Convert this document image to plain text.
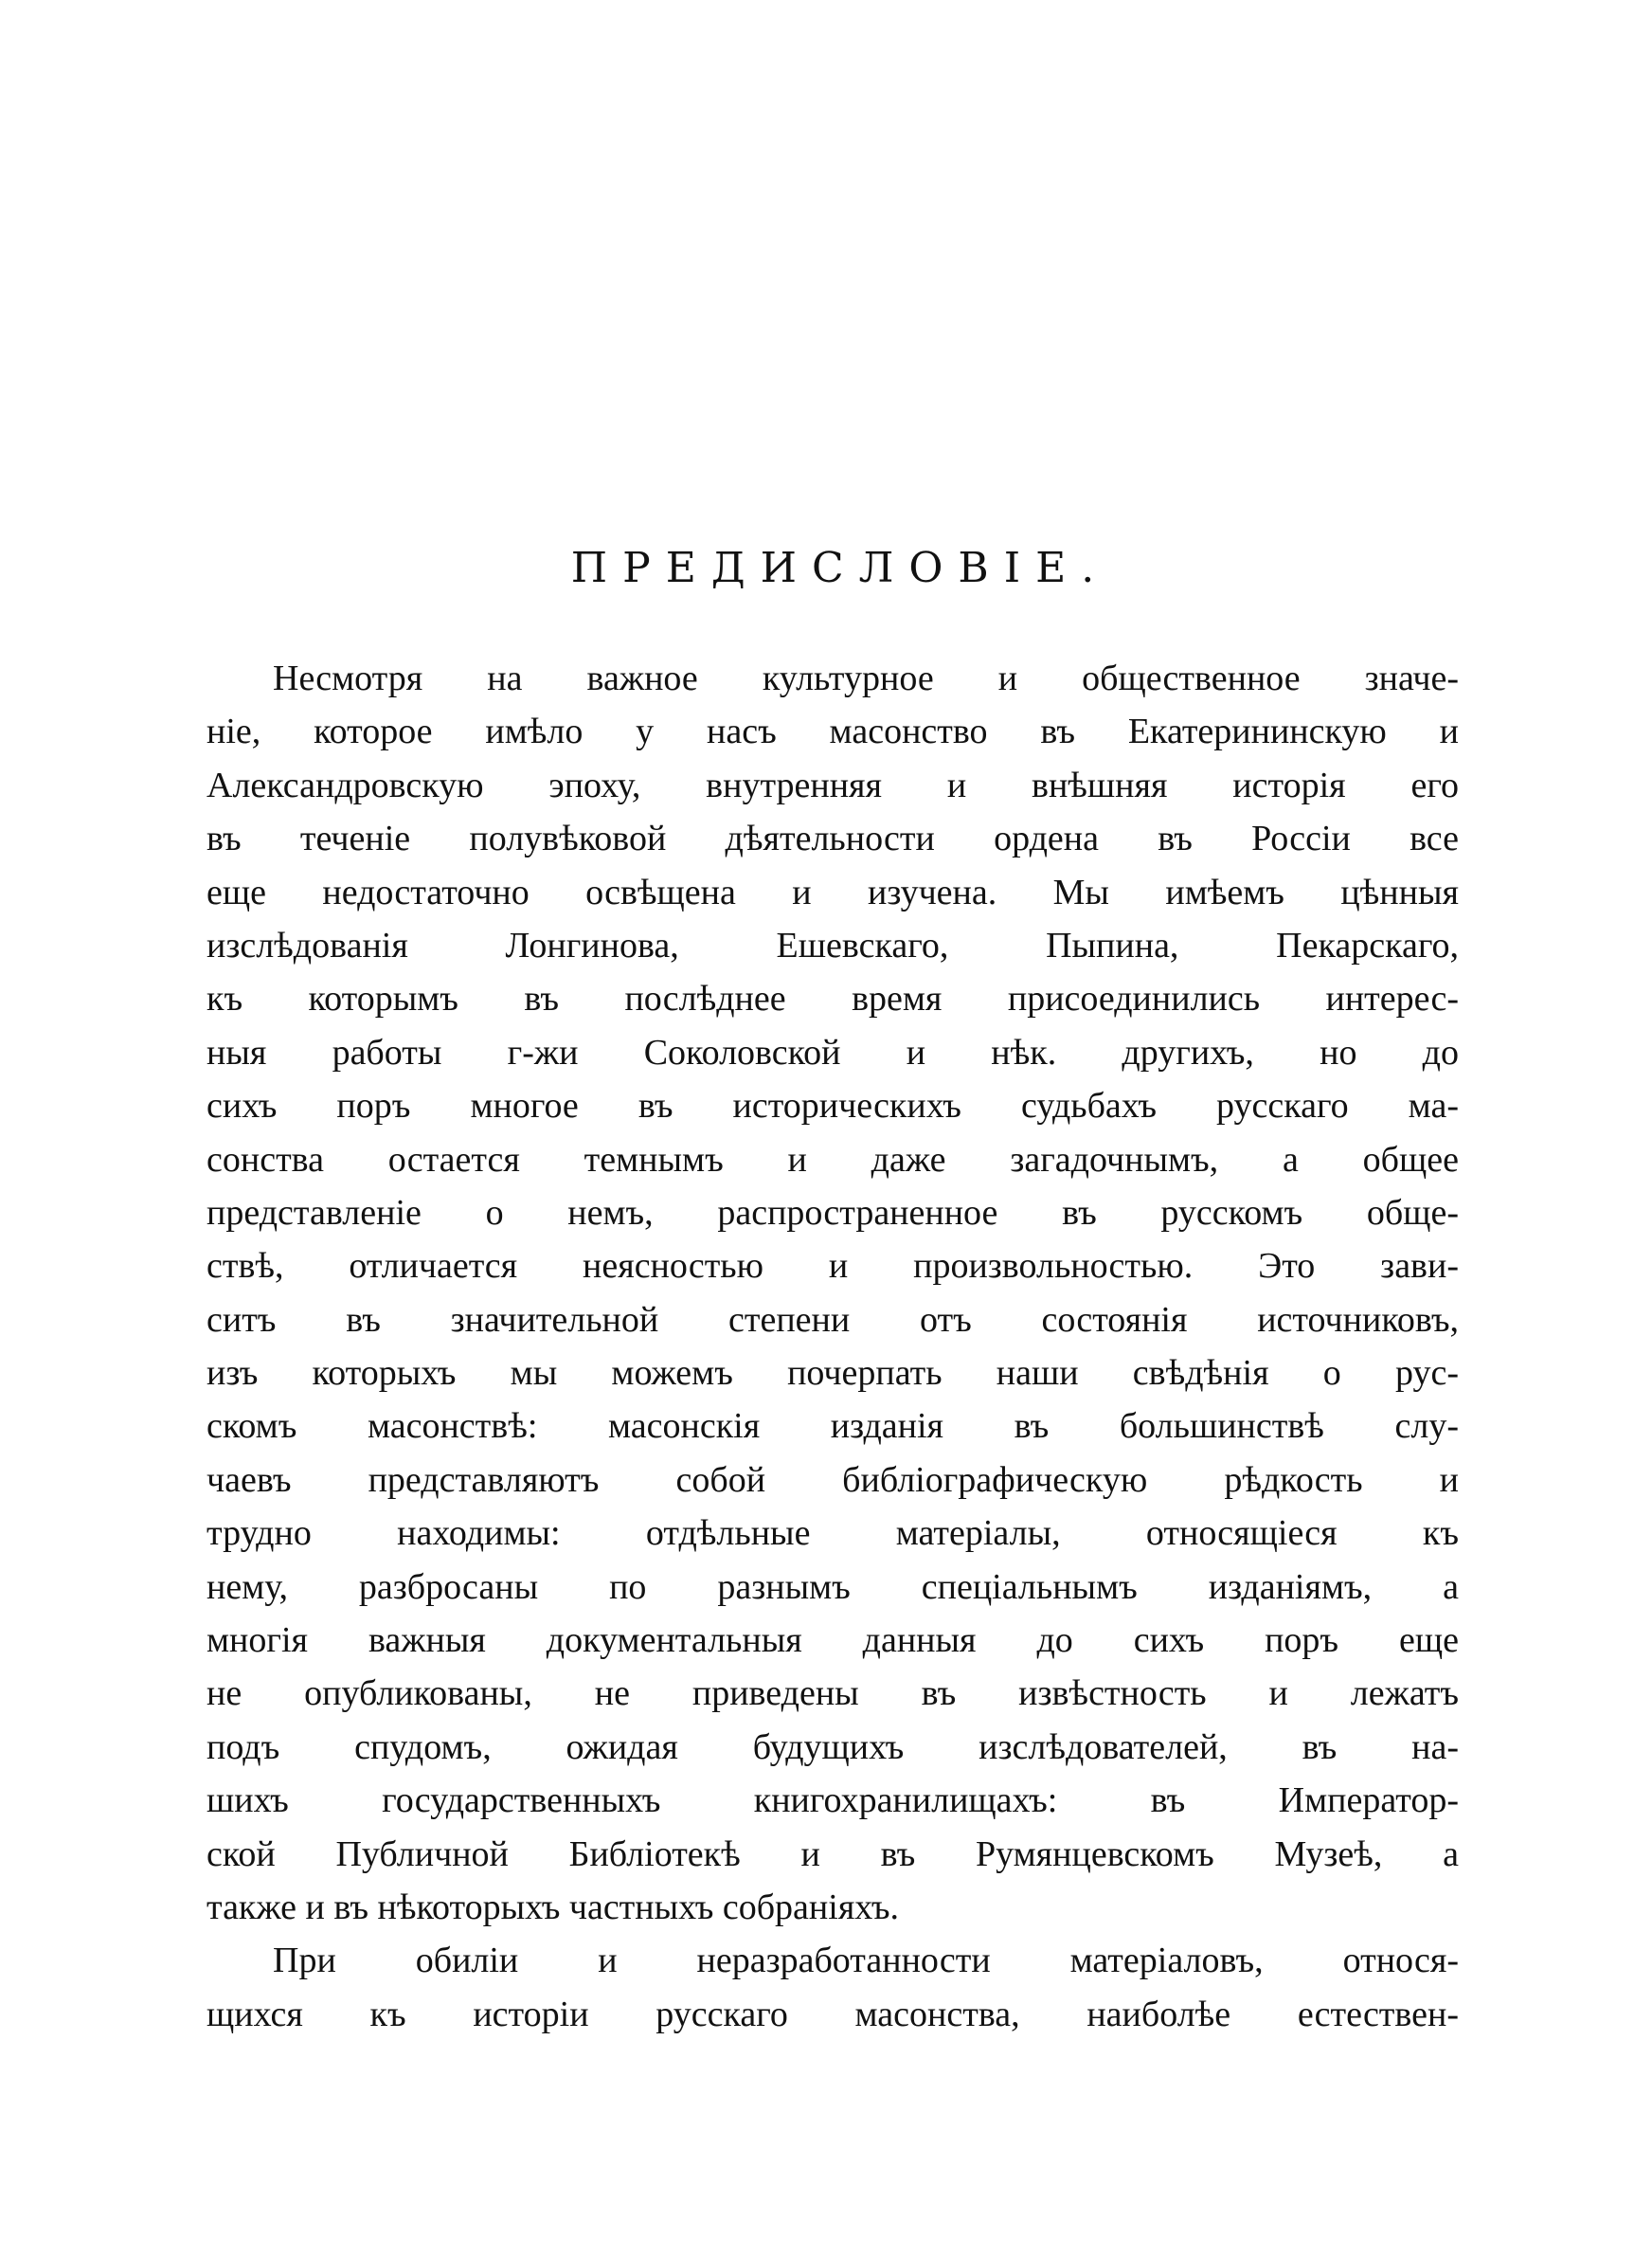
ПРЕДИСЛОВІЕ.
Несмотря на важное культурное и общественное значе-
ніе, которое имѣло у насъ масонство въ Екатерининскую и
Александровскую эпоху, внутренняя и внѣшняя исторія его
въ теченіе полувѣковой дѣятельности ордена въ Россіи все
еще недостаточно освѣщена и изучена. Мы имѣемъ цѣнныя
изслѣдованія Лонгинова, Ешевскаго, Пыпина, Пекарскаго,
къ которымъ въ послѣднее время присоединились интерес-
ныя работы г-жи Соколовской и нѣк. другихъ, но до
сихъ поръ многое въ историческихъ судьбахъ русскаго ма-
сонства остается темнымъ и даже загадочнымъ, а общее
представленіе о немъ, распространенное въ русскомъ обще-
ствѣ, отличается неясностью и произвольностью. Это зави-
ситъ въ значительной степени отъ состоянія источниковъ,
изъ которыхъ мы можемъ почерпать наши свѣдѣнія о рус-
скомъ масонствѣ: масонскія изданія въ большинствѣ слу-
чаевъ представляютъ собой библіографическую рѣдкость и
трудно находимы: отдѣльные матеріалы, относящіеся къ
нему, разбросаны по разнымъ спеціальнымъ изданіямъ, а
многія важныя документальныя данныя до сихъ поръ еще
не опубликованы, не приведены въ извѣстность и лежатъ
подъ спудомъ, ожидая будущихъ изслѣдователей, въ на-
шихъ государственныхъ книгохранилищахъ: въ Император-
ской Публичной Библіотекѣ и въ Румянцевскомъ Музеѣ, а
также и въ нѣкоторыхъ частныхъ собраніяхъ.
При обиліи и неразработанности матеріаловъ, относя-
щихся къ исторіи русскаго масонства, наиболѣе естествен-
